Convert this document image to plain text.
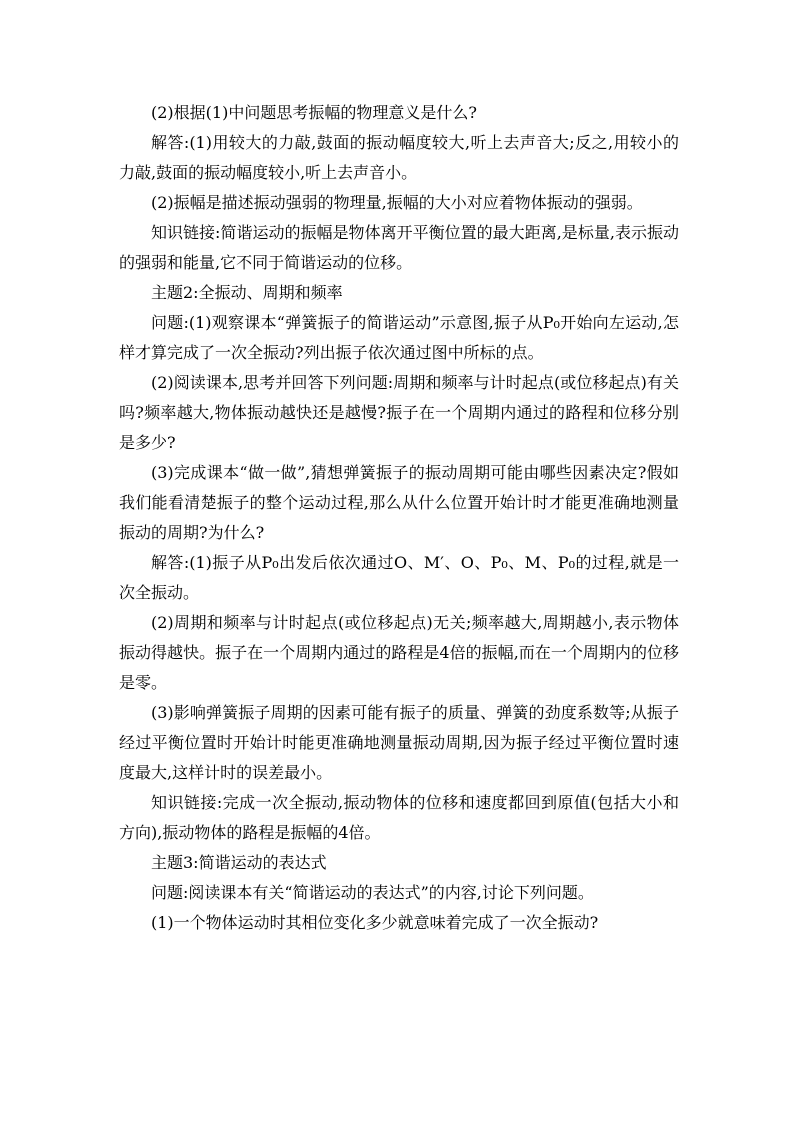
(2)根据(1)中问题思考振幅的物理意义是什么?

解答:(1)用较大的力敲,鼓面的振动幅度较大,听上去声音大;反之,用较小的力敲,鼓面的振动幅度较小,听上去声音小。

(2)振幅是描述振动强弱的物理量,振幅的大小对应着物体振动的强弱。

知识链接:简谐运动的振幅是物体离开平衡位置的最大距离,是标量,表示振动的强弱和能量,它不同于简谐运动的位移。

主题2:全振动、周期和频率

问题:(1)观察课本“弹簧振子的简谐运动”示意图,振子从P₀开始向左运动,怎样才算完成了一次全振动?列出振子依次通过图中所标的点。

(2)阅读课本,思考并回答下列问题:周期和频率与计时起点(或位移起点)有关吗?频率越大,物体振动越快还是越慢?振子在一个周期内通过的路程和位移分别是多少?

(3)完成课本“做一做”,猜想弹簧振子的振动周期可能由哪些因素决定?假如我们能看清楚振子的整个运动过程,那么从什么位置开始计时才能更准确地测量振动的周期?为什么?

解答:(1)振子从P₀出发后依次通过O、M′、O、P₀、M、P₀的过程,就是一次全振动。

(2)周期和频率与计时起点(或位移起点)无关;频率越大,周期越小,表示物体振动得越快。振子在一个周期内通过的路程是4倍的振幅,而在一个周期内的位移是零。

(3)影响弹簧振子周期的因素可能有振子的质量、弹簧的劲度系数等;从振子经过平衡位置时开始计时能更准确地测量振动周期,因为振子经过平衡位置时速度最大,这样计时的误差最小。

知识链接:完成一次全振动,振动物体的位移和速度都回到原值(包括大小和方向),振动物体的路程是振幅的4倍。

主题3:简谐运动的表达式

问题:阅读课本有关“简谐运动的表达式”的内容,讨论下列问题。

(1)一个物体运动时其相位变化多少就意味着完成了一次全振动?
